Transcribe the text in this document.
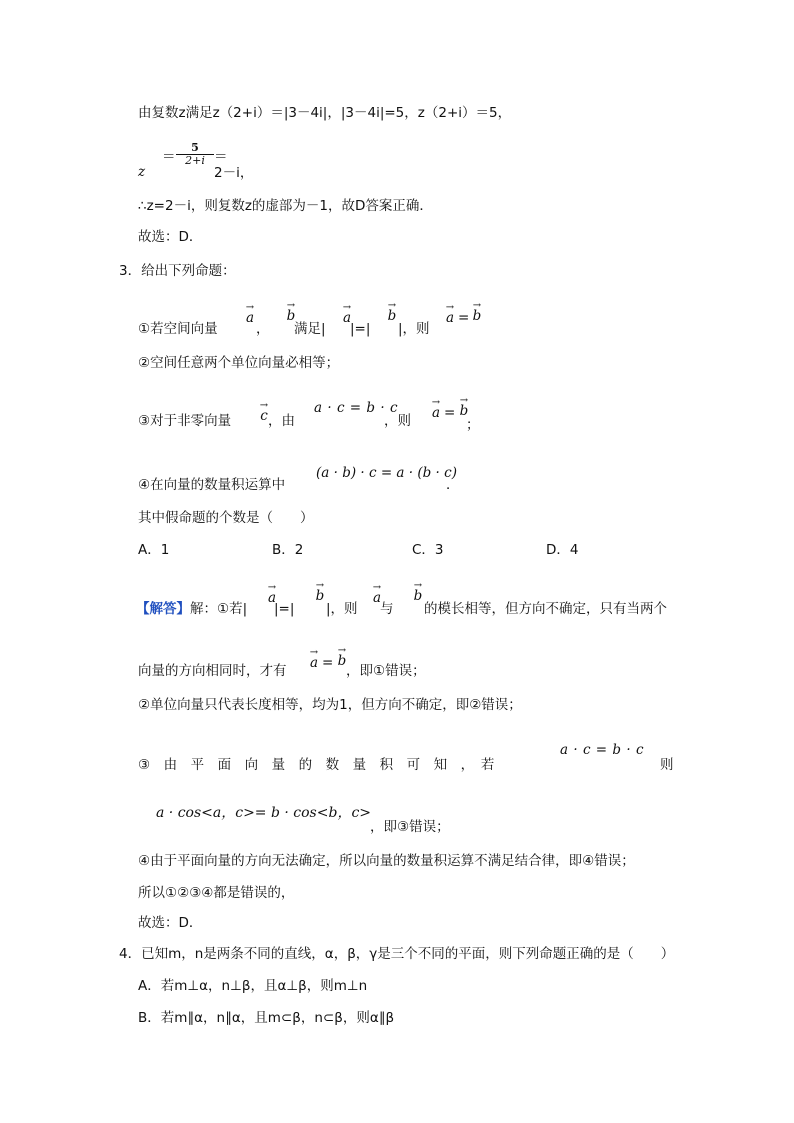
由复数z满足z（2+i）＝|3－4i|，|3－4i|=5，z（2+i）＝5，
z
＝ $\frac{5}{2+i}$ ＝
2－i，
∴z=2－i，则复数z的虚部为－1，故D答案正确．
故选：D．
3．给出下列命题：
①若空间向量
→
a
，
→
b
满足|
→
a
|=|
→
b
|，则
→
a =
→
b
②空间任意两个单位向量必相等；
③对于非零向量
→
c ，由
a · c = b · c
，则
→
a =
→
b
；
④在向量的数量积运算中
(a · b) · c = a · (b · c)
．
其中假命题的个数是（　　）
A．1	B．2	C．3	D．4
【解答】 解：①若|
→
a
|=|
→
b
|，则
→
a
与
→
b
的模长相等，但方向不确定，只有当两个
向量的方向相同时，才有
→
a =
→
b
，即①错误；
②单位向量只代表长度相等，均为1，但方向不确定，即②错误；
③　由　平　面　向　量　的　数　量　积　可　知　，　若
a · c = b · c
则
a · cos<a，c>= b · cos<b，c>
，即③错误；
④由于平面向量的方向无法确定，所以向量的数量积运算不满足结合律，即④错误；
所以①②③④都是错误的，
故选：D．
4．已知m，n是两条不同的直线，α，β，γ是三个不同的平面，则下列命题正确的是（　　）
A．若m⊥α，n⊥β，且α⊥β，则m⊥n
B．若m∥α，n∥α，且m⊂β，n⊂β，则α∥β
